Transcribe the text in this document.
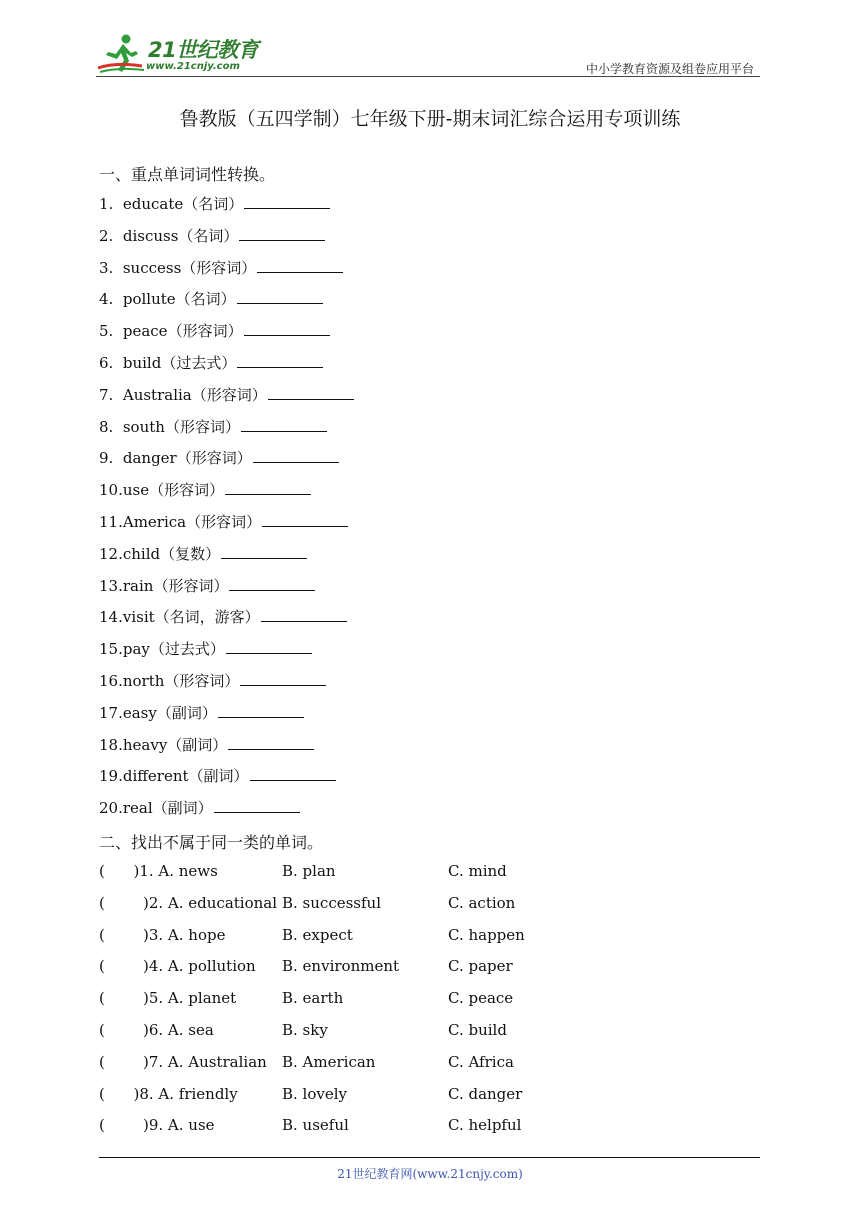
21世纪教育
www.21cnjy.com	中小学教育资源及组卷应用平台
鲁教版（五四学制）七年级下册-期末词汇综合运用专项训练
一、重点单词词性转换。
1.  educate（名词）
2.  discuss（名词）
3.  success（形容词）
4.  pollute（名词）
5.  peace（形容词）
6.  build（过去式）
7.  Australia（形容词）
8.  south（形容词）
9.  danger（形容词）
10.use（形容词）
11.America（形容词）
12.child（复数）
13.rain（形容词）
14.visit（名词，游客）
15.pay（过去式）
16.north（形容词）
17.easy（副词）
18.heavy（副词）
19.different（副词）
20.real（副词）
二、找出不属于同一类的单词。
(      )1. A. news	B. plan	C. mind
(        )2. A. educational B. successful	C. action
(        )3. A. hope	B. expect	C. happen
(        )4. A. pollution B. environment	C. paper
(        )5. A. planet	B. earth	C. peace
(        )6. A. sea	B. sky	C. build
(        )7. A. Australian B. American	C. Africa
(      )8. A. friendly	B. lovely	C. danger
(        )9. A. use	B. useful	C. helpful
21世纪教育网(www.21cnjy.com)
